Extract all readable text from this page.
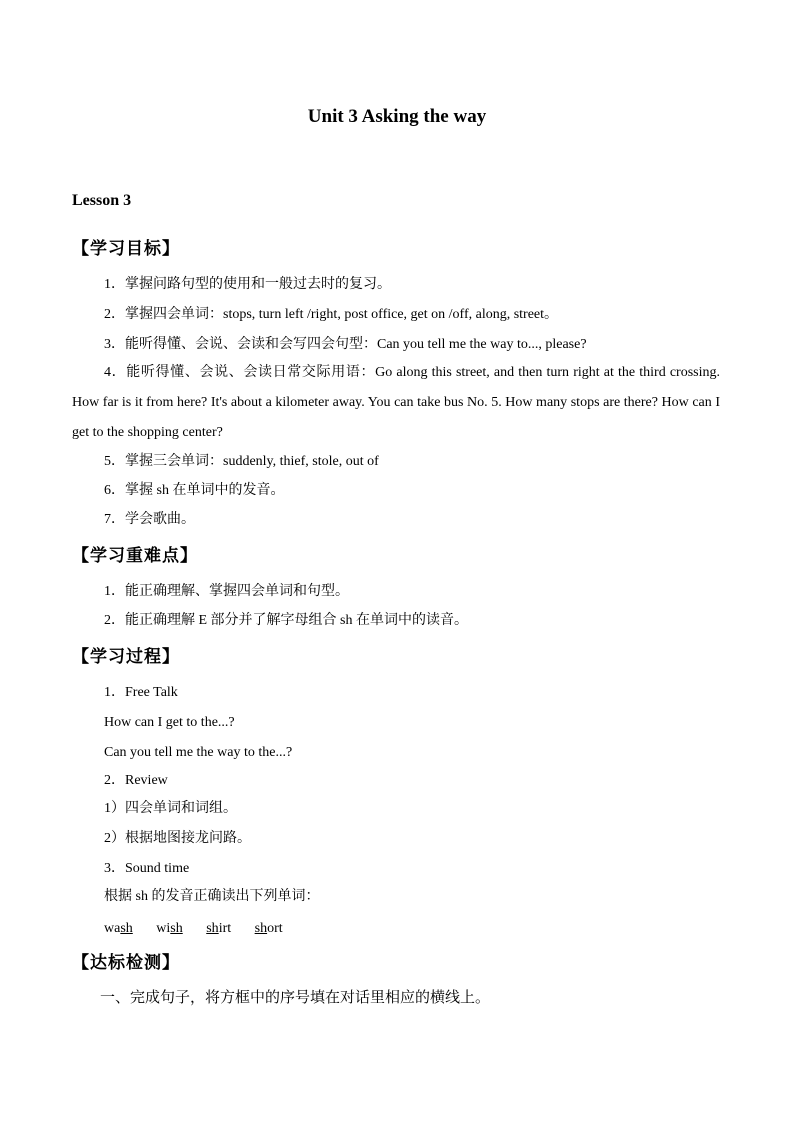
Unit 3 Asking the way
Lesson 3
【学习目标】
1．掌握问路句型的使用和一般过去时的复习。
2．掌握四会单词：stops, turn left /right, post office, get on /off, along, street。
3．能听得懂、会说、会读和会写四会句型：Can you tell me the way to..., please?
4．能听得懂、会说、会读日常交际用语：Go along this street, and then turn right at the third crossing. How far is it from here? It's about a kilometer away. You can take bus No. 5. How many stops are there? How can I get to the shopping center?
5．掌握三会单词：suddenly, thief, stole, out of
6．掌握 sh 在单词中的发音。
7．学会歌曲。
【学习重难点】
1．能正确理解、掌握四会单词和句型。
2．能正确理解 E 部分并了解字母组合 sh 在单词中的读音。
【学习过程】
1．Free Talk
How can I get to the...?
Can you tell me the way to the...?
2．Review
1）四会单词和词组。
2）根据地图接龙问路。
3．Sound time
根据 sh 的发音正确读出下列单词：
wash wish shirt short
【达标检测】
一、完成句子，将方框中的序号填在对话里相应的横线上。
